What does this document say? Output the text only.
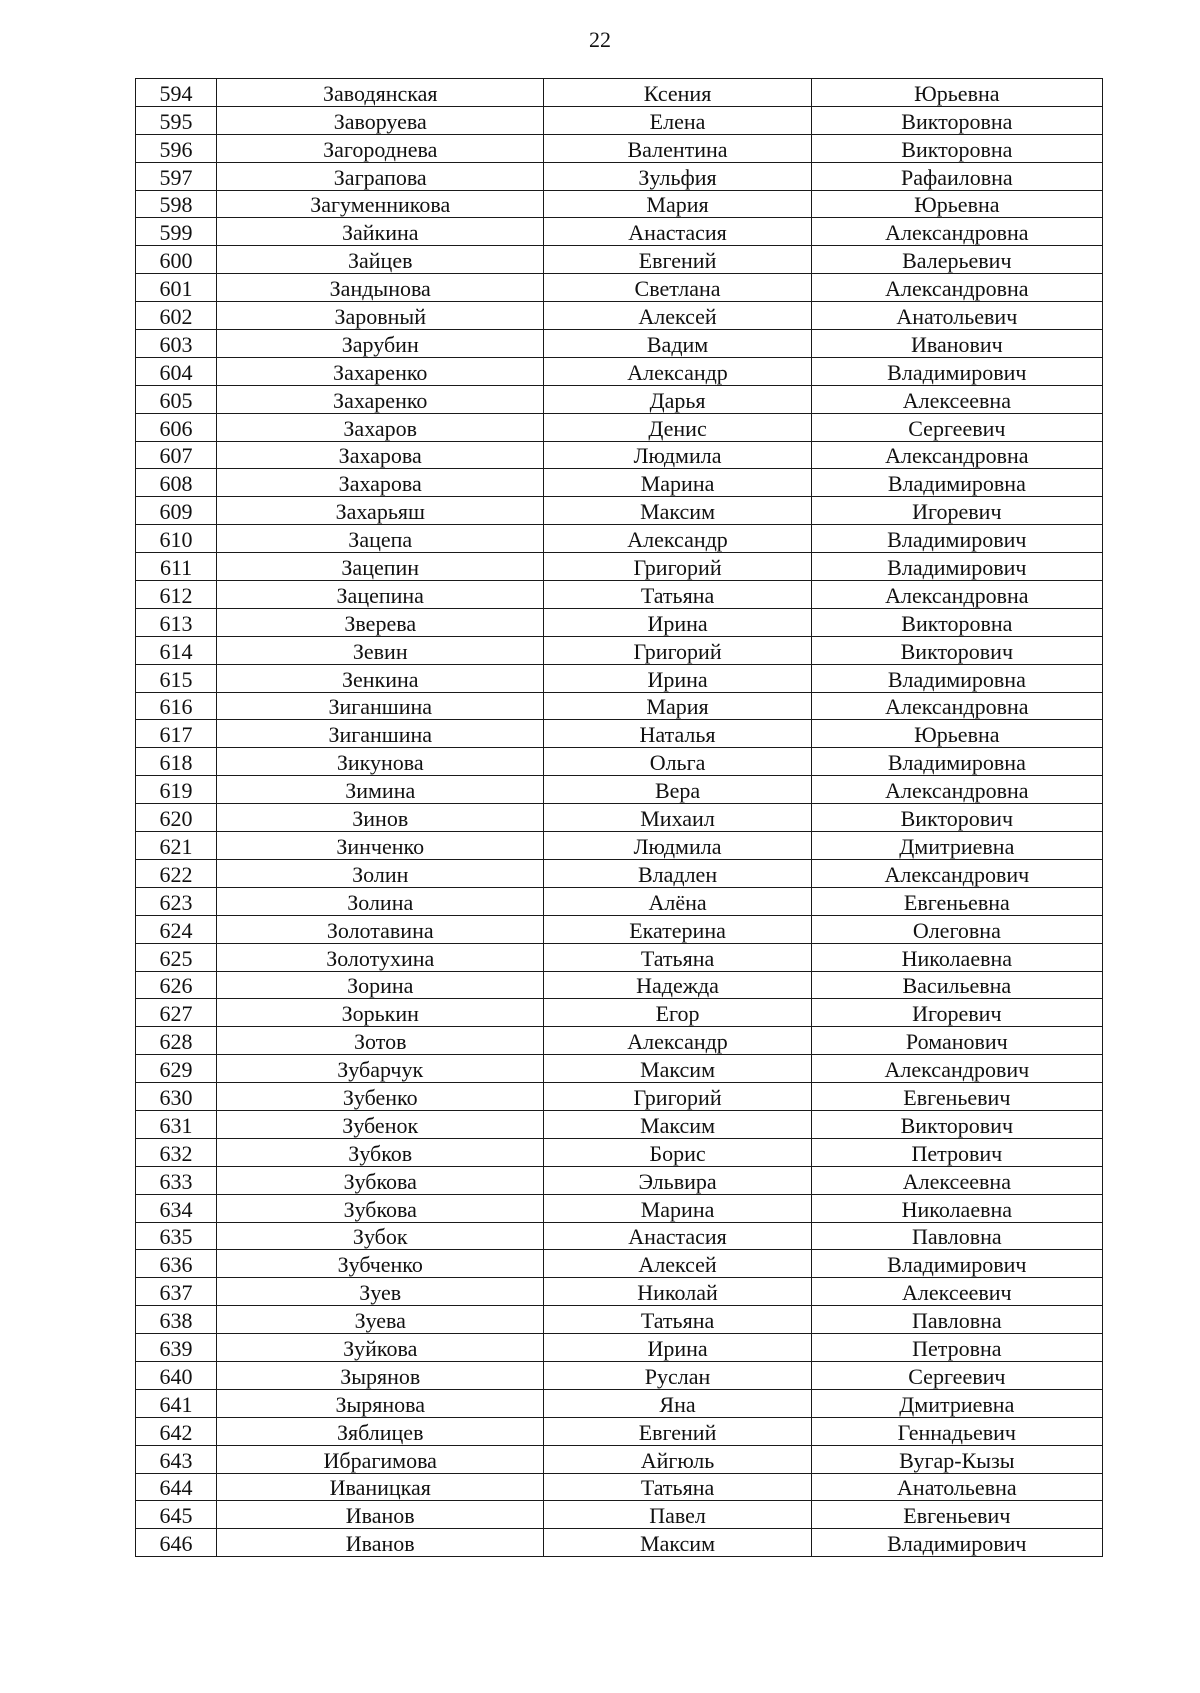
22
594	Заводянская	Ксения	Юрьевна
595	Заворуева	Елена	Викторовна
596	Загороднева	Валентина	Викторовна
597	Заграпова	Зульфия	Рафаиловна
598	Загуменникова	Мария	Юрьевна
599	Зайкина	Анастасия	Александровна
600	Зайцев	Евгений	Валерьевич
601	Зандынова	Светлана	Александровна
602	Заровный	Алексей	Анатольевич
603	Зарубин	Вадим	Иванович
604	Захаренко	Александр	Владимирович
605	Захаренко	Дарья	Алексеевна
606	Захаров	Денис	Сергеевич
607	Захарова	Людмила	Александровна
608	Захарова	Марина	Владимировна
609	Захарьяш	Максим	Игоревич
610	Зацепа	Александр	Владимирович
611	Зацепин	Григорий	Владимирович
612	Зацепина	Татьяна	Александровна
613	Зверева	Ирина	Викторовна
614	Зевин	Григорий	Викторович
615	Зенкина	Ирина	Владимировна
616	Зиганшина	Мария	Александровна
617	Зиганшина	Наталья	Юрьевна
618	Зикунова	Ольга	Владимировна
619	Зимина	Вера	Александровна
620	Зинов	Михаил	Викторович
621	Зинченко	Людмила	Дмитриевна
622	Золин	Владлен	Александрович
623	Золина	Алёна	Евгеньевна
624	Золотавина	Екатерина	Олеговна
625	Золотухина	Татьяна	Николаевна
626	Зорина	Надежда	Васильевна
627	Зорькин	Егор	Игоревич
628	Зотов	Александр	Романович
629	Зубарчук	Максим	Александрович
630	Зубенко	Григорий	Евгеньевич
631	Зубенок	Максим	Викторович
632	Зубков	Борис	Петрович
633	Зубкова	Эльвира	Алексеевна
634	Зубкова	Марина	Николаевна
635	Зубок	Анастасия	Павловна
636	Зубченко	Алексей	Владимирович
637	Зуев	Николай	Алексеевич
638	Зуева	Татьяна	Павловна
639	Зуйкова	Ирина	Петровна
640	Зырянов	Руслан	Сергеевич
641	Зырянова	Яна	Дмитриевна
642	Зяблицев	Евгений	Геннадьевич
643	Ибрагимова	Айгюль	Вугар-Кызы
644	Иваницкая	Татьяна	Анатольевна
645	Иванов	Павел	Евгеньевич
646	Иванов	Максим	Владимирович
